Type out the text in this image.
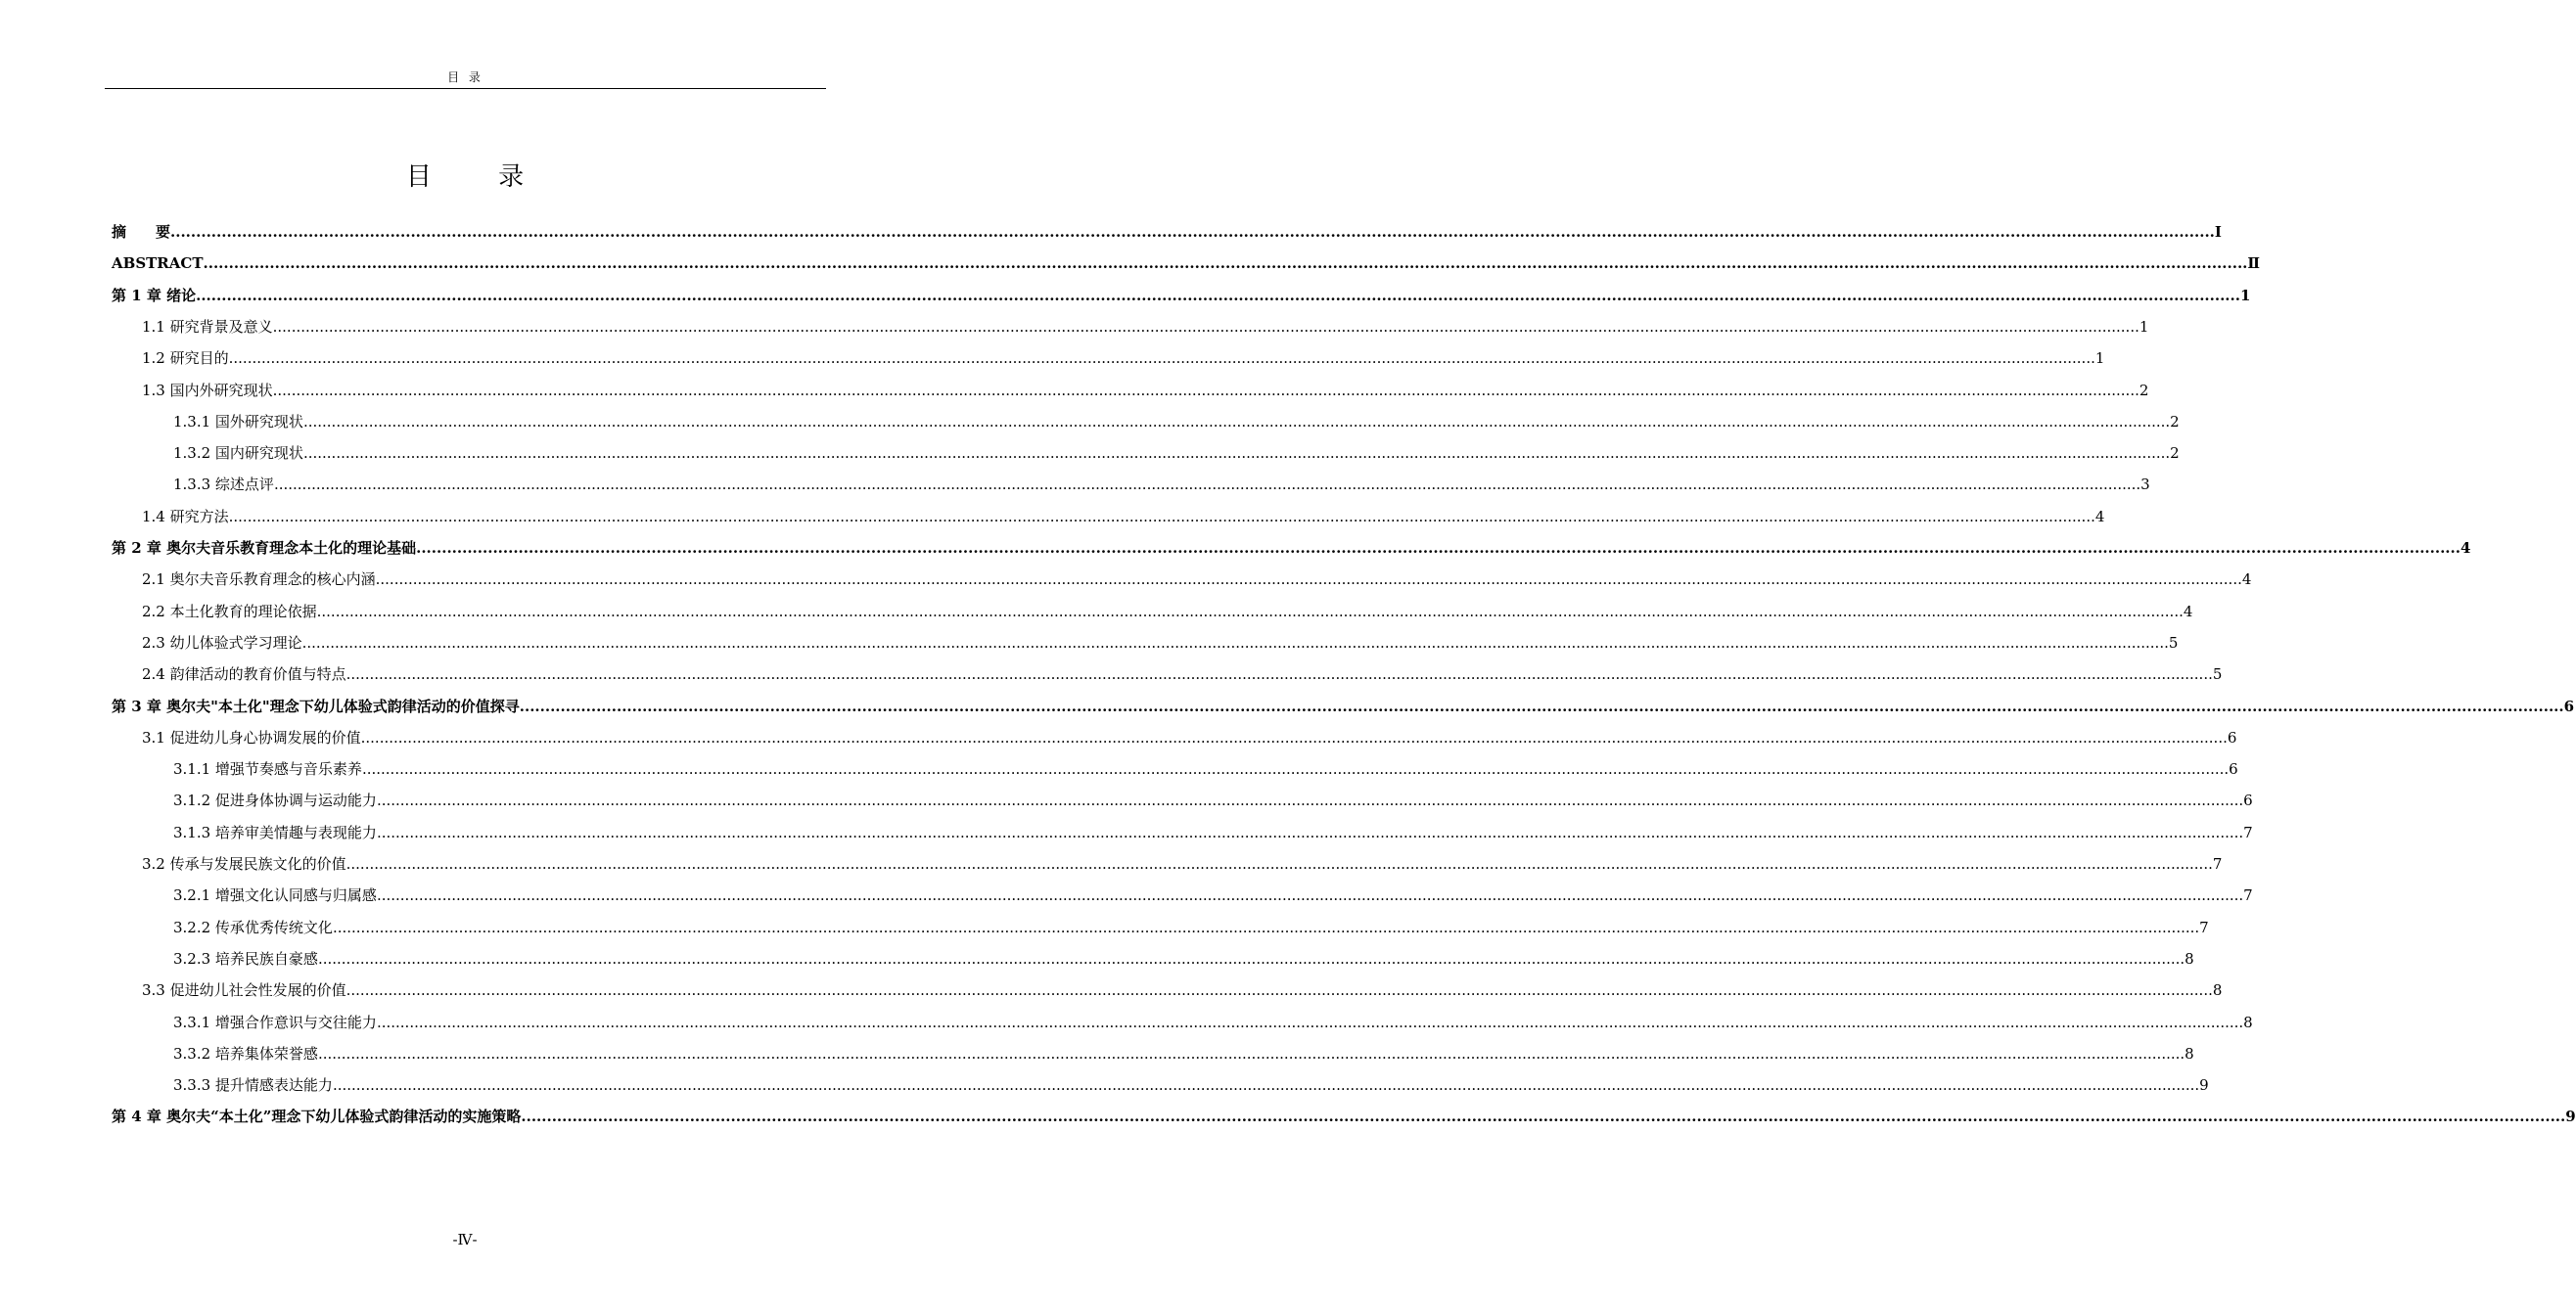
目 录
目 录
摘　　要 ................................................................................................................................................................................................................................................................................................................................................................................................................ Ⅰ
ABSTRACT ................................................................................................................................................................................................................................................................................................................................................................................................................ Ⅱ
第 1 章 绪论 ................................................................................................................................................................................................................................................................................................................................................................................................................ 1
1.1 研究背景及意义 ................................................................................................................................................................................................................................................................................................................................................................................................................ 1
1.2 研究目的 ................................................................................................................................................................................................................................................................................................................................................................................................................ 1
1.3 国内外研究现状 ................................................................................................................................................................................................................................................................................................................................................................................................................ 2
1.3.1 国外研究现状 ................................................................................................................................................................................................................................................................................................................................................................................................................ 2
1.3.2 国内研究现状 ................................................................................................................................................................................................................................................................................................................................................................................................................ 2
1.3.3 综述点评 ................................................................................................................................................................................................................................................................................................................................................................................................................ 3
1.4 研究方法 ................................................................................................................................................................................................................................................................................................................................................................................................................ 4
第 2 章 奥尔夫音乐教育理念本土化的理论基础 ................................................................................................................................................................................................................................................................................................................................................................................................................ 4
2.1 奥尔夫音乐教育理念的核心内涵 ................................................................................................................................................................................................................................................................................................................................................................................................................ 4
2.2 本土化教育的理论依据 ................................................................................................................................................................................................................................................................................................................................................................................................................ 4
2.3 幼儿体验式学习理论 ................................................................................................................................................................................................................................................................................................................................................................................................................ 5
2.4 韵律活动的教育价值与特点 ................................................................................................................................................................................................................................................................................................................................................................................................................ 5
第 3 章 奥尔夫"本土化"理念下幼儿体验式韵律活动的价值探寻 ................................................................................................................................................................................................................................................................................................................................................................................................................ 6
3.1 促进幼儿身心协调发展的价值 ................................................................................................................................................................................................................................................................................................................................................................................................................ 6
3.1.1 增强节奏感与音乐素养 ................................................................................................................................................................................................................................................................................................................................................................................................................ 6
3.1.2 促进身体协调与运动能力 ................................................................................................................................................................................................................................................................................................................................................................................................................ 6
3.1.3 培养审美情趣与表现能力 ................................................................................................................................................................................................................................................................................................................................................................................................................ 7
3.2 传承与发展民族文化的价值 ................................................................................................................................................................................................................................................................................................................................................................................................................ 7
3.2.1 增强文化认同感与归属感 ................................................................................................................................................................................................................................................................................................................................................................................................................ 7
3.2.2 传承优秀传统文化 ................................................................................................................................................................................................................................................................................................................................................................................................................ 7
3.2.3 培养民族自豪感 ................................................................................................................................................................................................................................................................................................................................................................................................................ 8
3.3 促进幼儿社会性发展的价值 ................................................................................................................................................................................................................................................................................................................................................................................................................ 8
3.3.1 增强合作意识与交往能力 ................................................................................................................................................................................................................................................................................................................................................................................................................ 8
3.3.2 培养集体荣誉感 ................................................................................................................................................................................................................................................................................................................................................................................................................ 8
3.3.3 提升情感表达能力 ................................................................................................................................................................................................................................................................................................................................................................................................................ 9
第 4 章 奥尔夫“本土化”理念下幼儿体验式韵律活动的实施策略 ................................................................................................................................................................................................................................................................................................................................................................................................................ 9
-Ⅳ-
